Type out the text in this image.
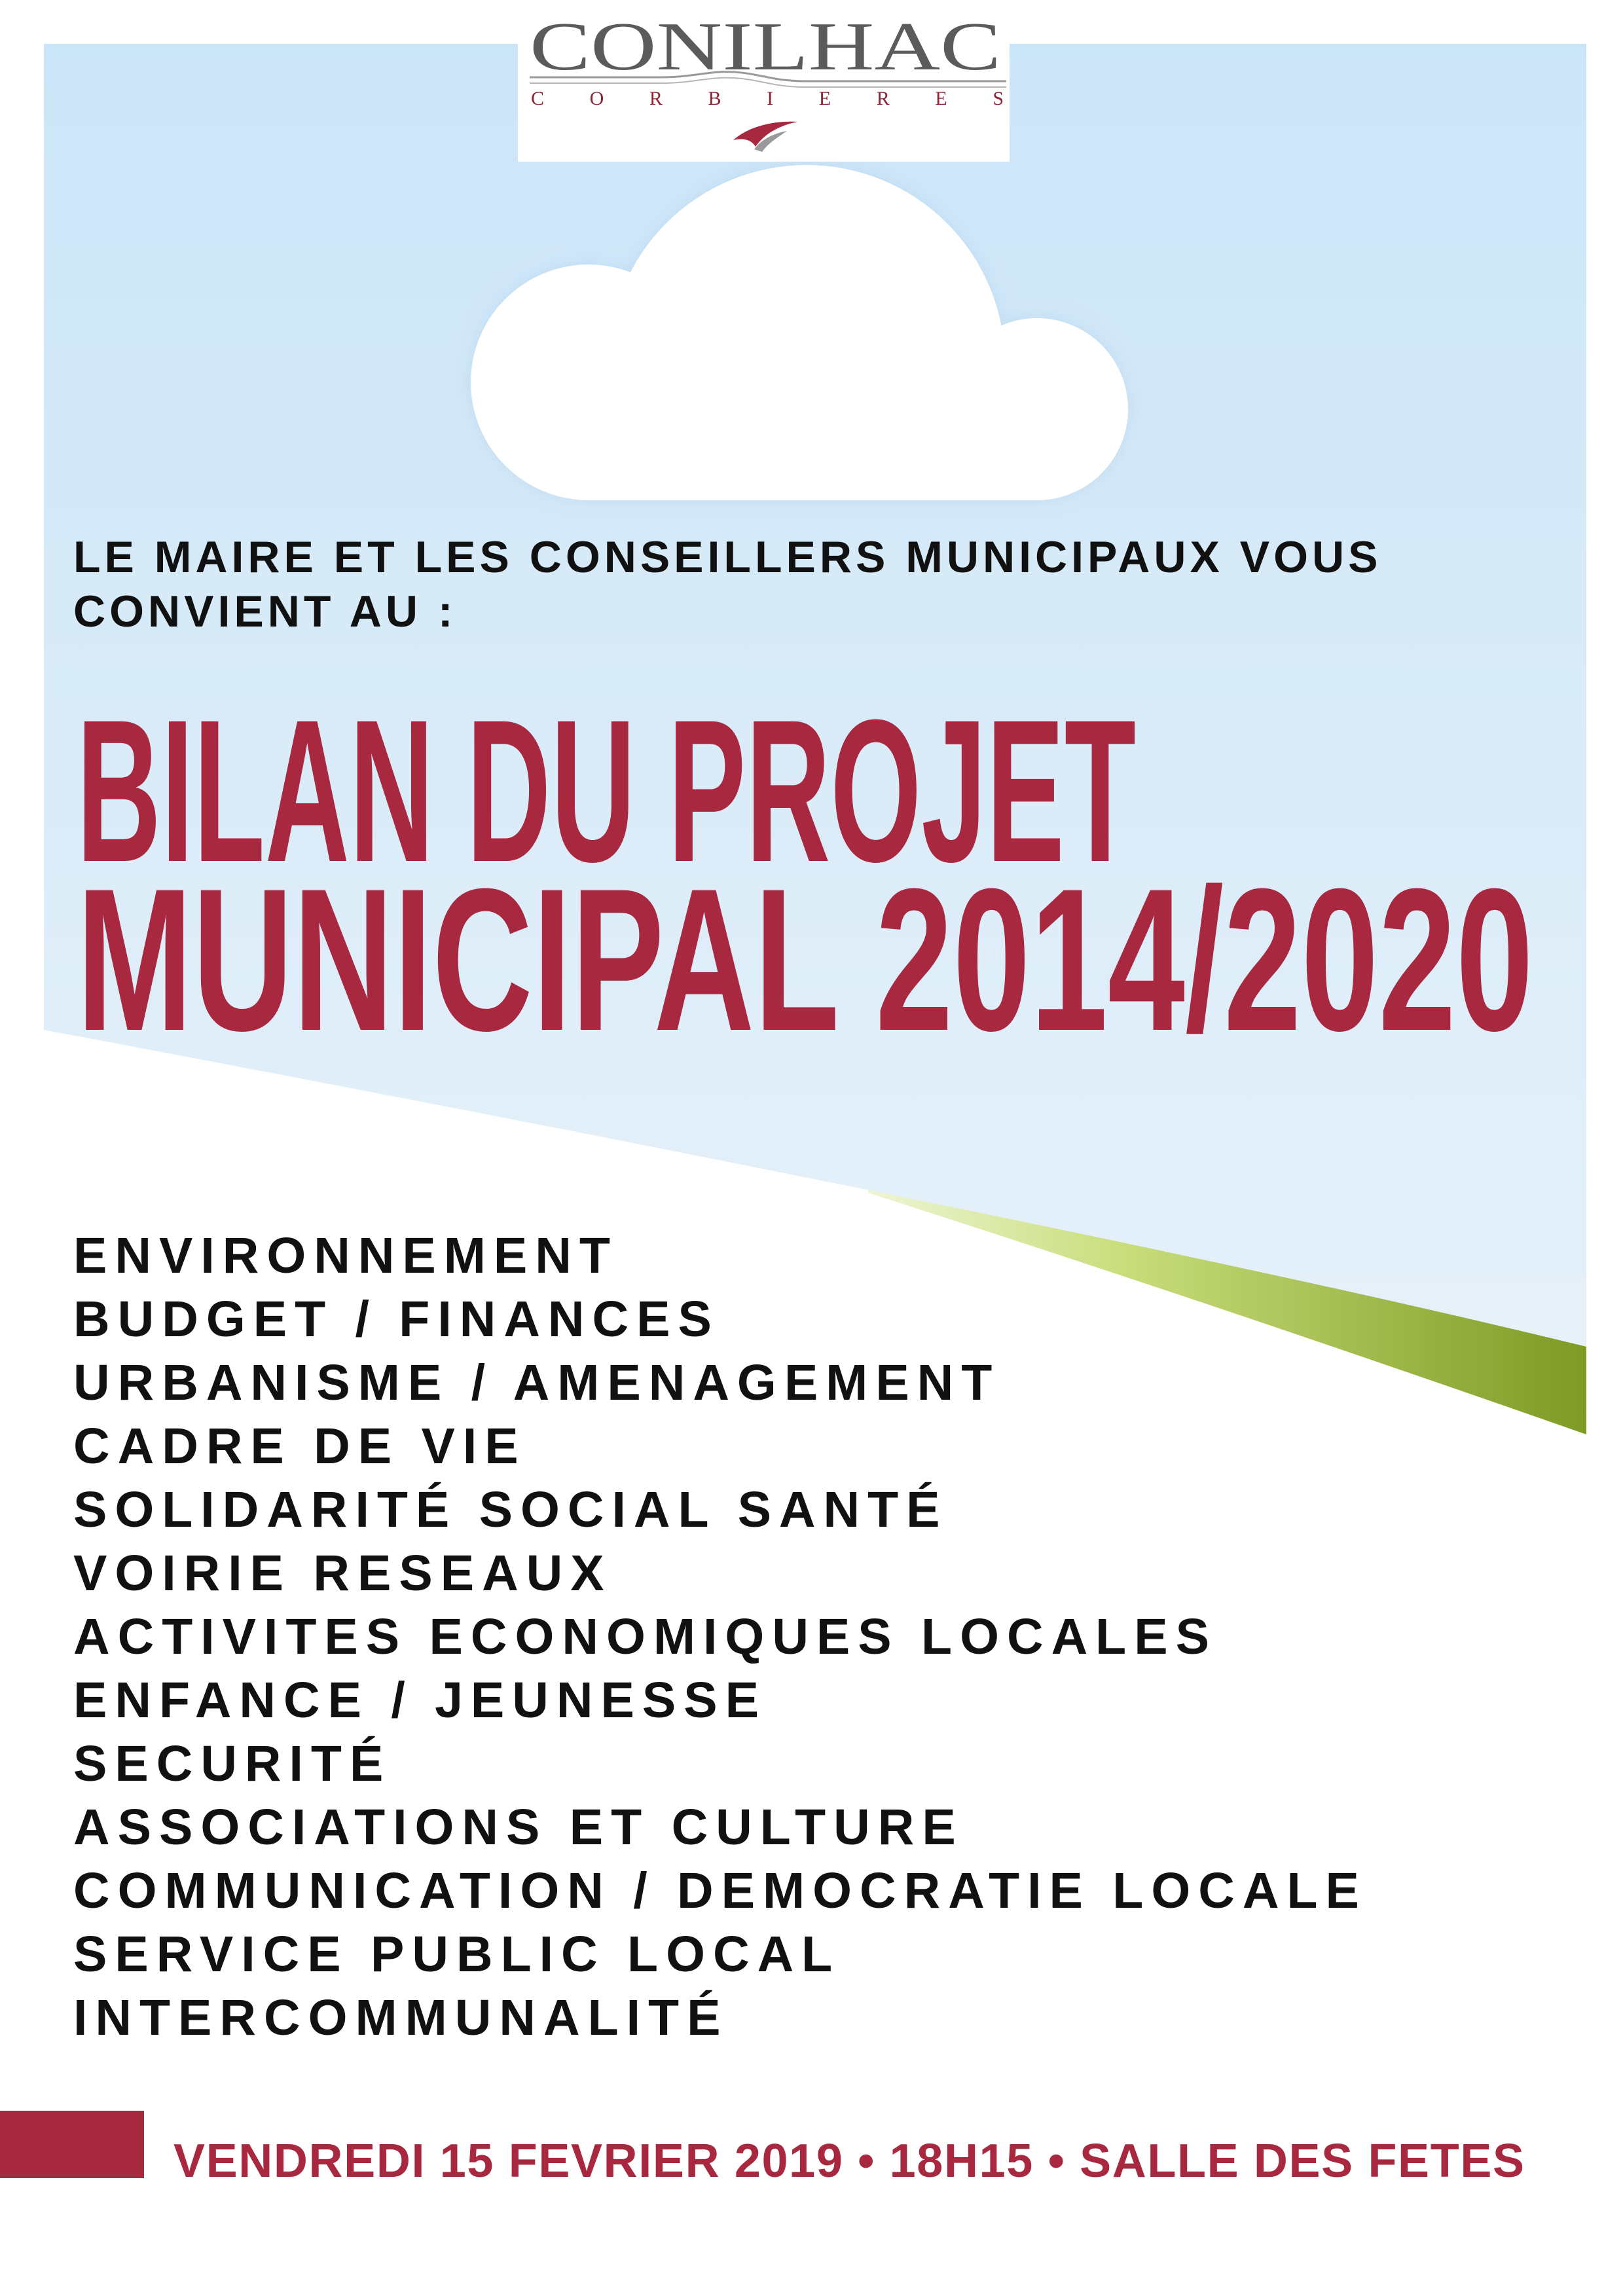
CONILHAC
CORBIERES
LE MAIRE ET LES CONSEILLERS MUNICIPAUX VOUS
CONVIENT AU :
BILAN DU PROJET
MUNICIPAL 2014/2020
ENVIRONNEMENT
BUDGET / FINANCES
URBANISME / AMENAGEMENT
CADRE DE VIE
SOLIDARITÉ SOCIAL SANTÉ
VOIRIE RESEAUX
ACTIVITES ECONOMIQUES LOCALES
ENFANCE / JEUNESSE
SECURITÉ
ASSOCIATIONS ET CULTURE
COMMUNICATION / DEMOCRATIE LOCALE
SERVICE PUBLIC LOCAL
INTERCOMMUNALITÉ
VENDREDI 15 FEVRIER 2019 • 18H15 • SALLE DES FETES
